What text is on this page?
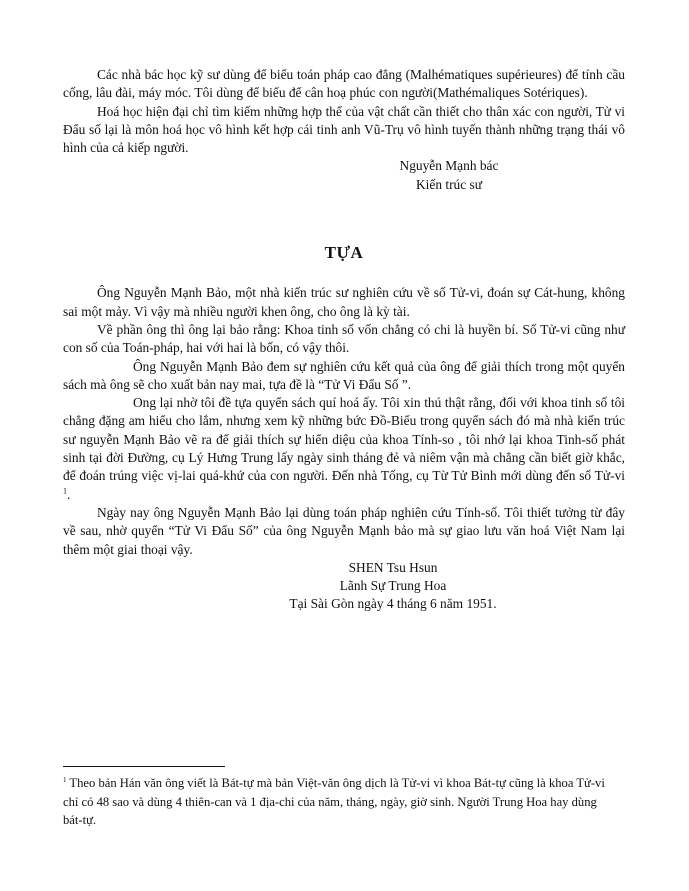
Các nhà bác học kỹ sư dùng để biểu toán pháp cao đẳng (Malhématiques supérieures) để tính cầu cống, lâu đài, máy móc. Tôi dùng để biểu để cân hoạ phúc con người(Mathémaliques Sotériques).

Hoá học hiện đại chỉ tìm kiếm những hợp thể của vật chất cần thiết cho thân xác con người, Tử vi Đẩu số lại là môn hoá học vô hình kết hợp cái tinh anh Vũ-Trụ vô hình tuyến thành những trạng thái vô hình của cả kiếp người.

Nguyễn Mạnh bác

Kiến trúc sư

TỰA

Ông Nguyễn Mạnh Bảo, một nhà kiến trúc sư nghiên cứu về số Tử-vi, đoán sự Cát-hung, không sai một mảy. Vì vậy mà nhiều người khen ông, cho ông là kỳ tài.

Về phần ông thì ông lại bảo rằng: Khoa tinh số vốn chẳng có chi là huyền bí. Số Tử-vi cũng như con số của Toán-pháp, hai với hai là bốn, có vậy thôi.

Ông Nguyễn Mạnh Bảo đem sự nghiên cứu kết quả của ông để giải thích trong một quyển sách mà ông sẽ cho xuất bản nay mai, tựa đề là “Tử Vi Đẩu Số ”.

Ong lại nhờ tôi đề tựa quyển sách quí hoá ấy. Tôi xin thú thật rằng, đối với khoa tinh số tôi chẳng đặng am hiểu cho lắm, nhưng xem kỹ những bức Đồ-Biểu trong quyển sách đó mà nhà kiến trúc sư nguyễn Mạnh Bảo vẽ ra để giải thích sự hiển diệu của khoa Tính-so , tôi nhớ lại khoa Tinh-số phát sinh tại đời Đường, cụ Lý Hưng Trung lấy ngày sinh tháng đẻ và niêm vận mà chẳng cần biết giờ khắc, để đoán trúng việc vị-lai quá-khứ của con người. Đến nhà Tống, cụ Từ Tử Bình mới dùng đến số Tử-vi $^1$.

Ngày nay ông Nguyễn Mạnh Bảo lại dùng toán pháp nghiên cứu Tính-số. Tôi thiết tưởng từ đây về sau, nhờ quyển “Tử Vi Đẩu Số” của ông Nguyễn Mạnh bảo mà sự giao lưu văn hoá Việt Nam lại thêm một giai thoại vậy.

SHEN Tsu Hsun

Lãnh Sự Trung Hoa

Tại Sài Gòn ngày 4 tháng 6 năm 1951.

$^1$ Theo bản Hán văn ông viết là Bát-tự mà bản Việt-văn ông dịch là Tử-vi vì khoa Bát-tự cũng là khoa Tử-vi chỉ có 48 sao và dùng 4 thiên-can và 1 địa-chi của năm, tháng, ngày, giờ sinh. Người Trung Hoa hay dùng bát-tự.
